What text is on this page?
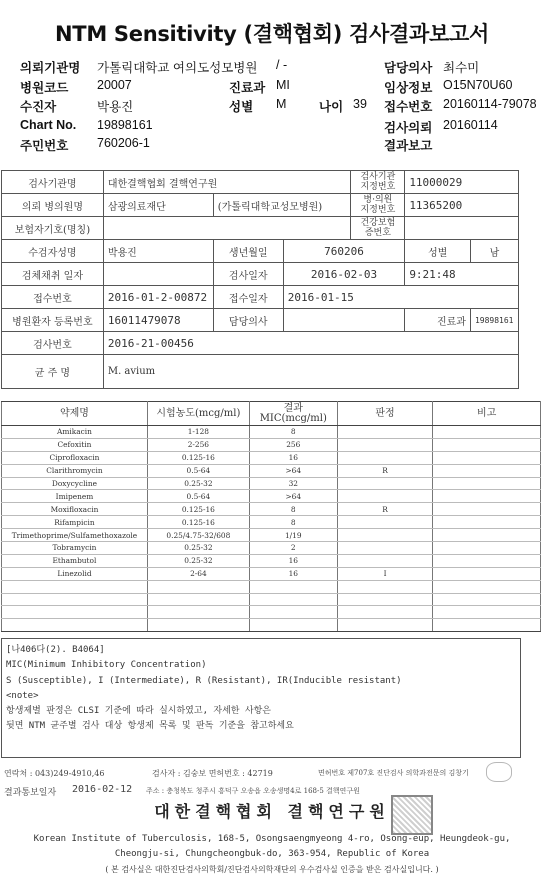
NTM Sensitivity (결핵협회) 검사결과보고서
의뢰기관명 가톨릭대학교 여의도성모병원 / -	담당의사 최수미
병원코드 20007	진료과 MI	임상정보 O15N70U60
수진자	박용진	성별 M	나이 39 접수번호 20160114-79078
Chart No. 19898161	검사의뢰 20160114
주민번호 760206-1	결과보고
검사기관명	대한결핵협회 결핵연구원			검사기관
지정번호	11000029	
의뢰 병의원명	삼광의료재단	(가톨릭대학교성모병원)		병·의원
지정번호	11365200	
보험자기호(명칭)				건강보험
증번호		
수검자성명	박용진	생년월일	760206		성별	남
검체채취 일자		검사일자	2016-02-03		9:21:48	
접수번호	2016-01-2-00872	접수일자	2016-01-15			
병원환자 등록번호	16011479078	담당의사			진료과	19898161
검사번호	2016-21-00456					
균 주 명	M. avium					
약제명	시험농도(mcg/ml)	결과
MIC(mcg/ml)	판정	비고
Amikacin	1-128	8		
Cefoxitin	2-256	256		
Ciprofloxacin	0.125-16	16		
Clarithromycin	0.5-64	>64	R	
Doxycycline	0.25-32	32		
Imipenem	0.5-64	>64		
Moxifloxacin	0.125-16	8	R	
Rifampicin	0.125-16	8		
Trimethoprime/Sulfamethoxazole	0.25/4.75-32/608	1/19		
Tobramycin	0.25-32	2		
Ethambutol	0.25-32	16		
Linezolid	2-64	16	I	

[나406다(2). B4064]
MIC(Minimum Inhibitory Concentration)
S (Susceptible), I (Intermediate), R (Resistant), IR(Inducible resistant)
<note>
항생제별 판정은 CLSI 기준에 따라 실시하였고, 자세한 사항은
뒷면 NTM 균주별 검사 대상 항생제 목록 및 판독 기준을 참고하세요
연락처 : 043)249-4910,46	검사자 : 김숭보 면허번호 : 42719	면허번호 제707호 진단검사 의학과전문의 김창기
결과통보일자 2016-02-12 주소 : 충청북도 청주시 흥덕구 오송읍 오송생명4로 168-5 결핵연구원
대한결핵협회 결핵연구원
Korean Institute of Tuberculosis, 168-5, Osongsaengmyeong 4-ro, Osong-eup, Heungdeok-gu,
Cheongju-si, Chungcheongbuk-do, 363-954, Republic of Korea
( 본 검사실은 대한진단검사의학회/진단검사의학재단의 우수검사실 인증을 받은 검사실입니다. )
